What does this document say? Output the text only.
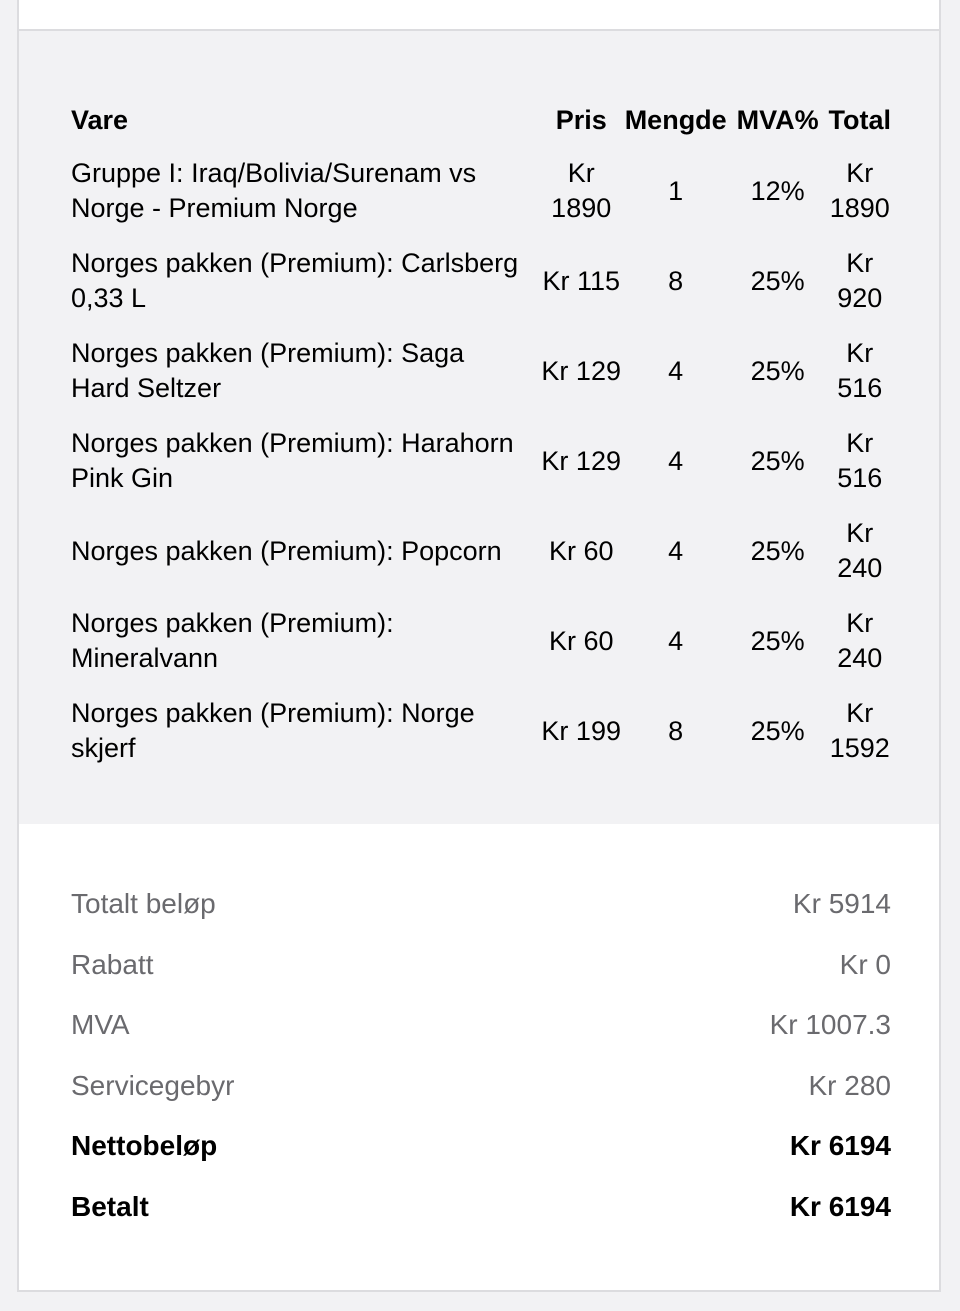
Vare	Pris	Mengde	MVA%	Total
Gruppe I: Iraq/Bolivia/Surenam vs Norge - Premium Norge	Kr 1890	1	12%	Kr 1890
Norges pakken (Premium): Carlsberg 0,33 L	Kr 115	8	25%	Kr 920
Norges pakken (Premium): Saga Hard Seltzer	Kr 129	4	25%	Kr 516
Norges pakken (Premium): Harahorn Pink Gin	Kr 129	4	25%	Kr 516
Norges pakken (Premium): Popcorn	Kr 60	4	25%	Kr 240
Norges pakken (Premium): Mineralvann	Kr 60	4	25%	Kr 240
Norges pakken (Premium): Norge skjerf	Kr 199	8	25%	Kr 1592
Totalt beløp	Kr 5914
Rabatt	Kr 0
MVA	Kr 1007.3
Servicegebyr	Kr 280
Nettobeløp	Kr 6194
Betalt	Kr 6194
